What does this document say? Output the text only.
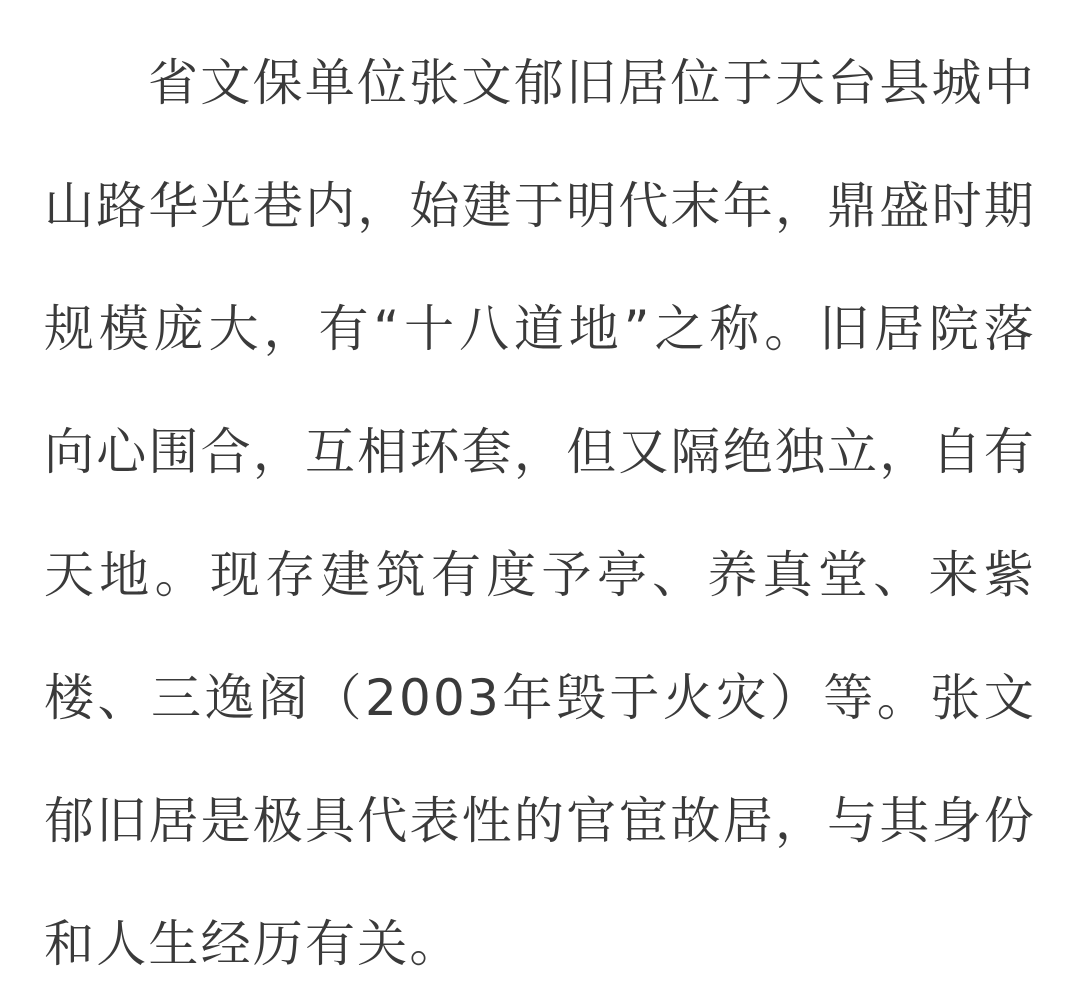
省文保单位张文郁旧居位于天台县城中山路华光巷内，始建于明代末年，鼎盛时期规模庞大，有“十八道地”之称。旧居院落向心围合，互相环套，但又隔绝独立，自有天地。现存建筑有度予亭、养真堂、来紫楼、三逸阁（2003年毁于火灾）等。张文郁旧居是极具代表性的官宦故居，与其身份和人生经历有关。
